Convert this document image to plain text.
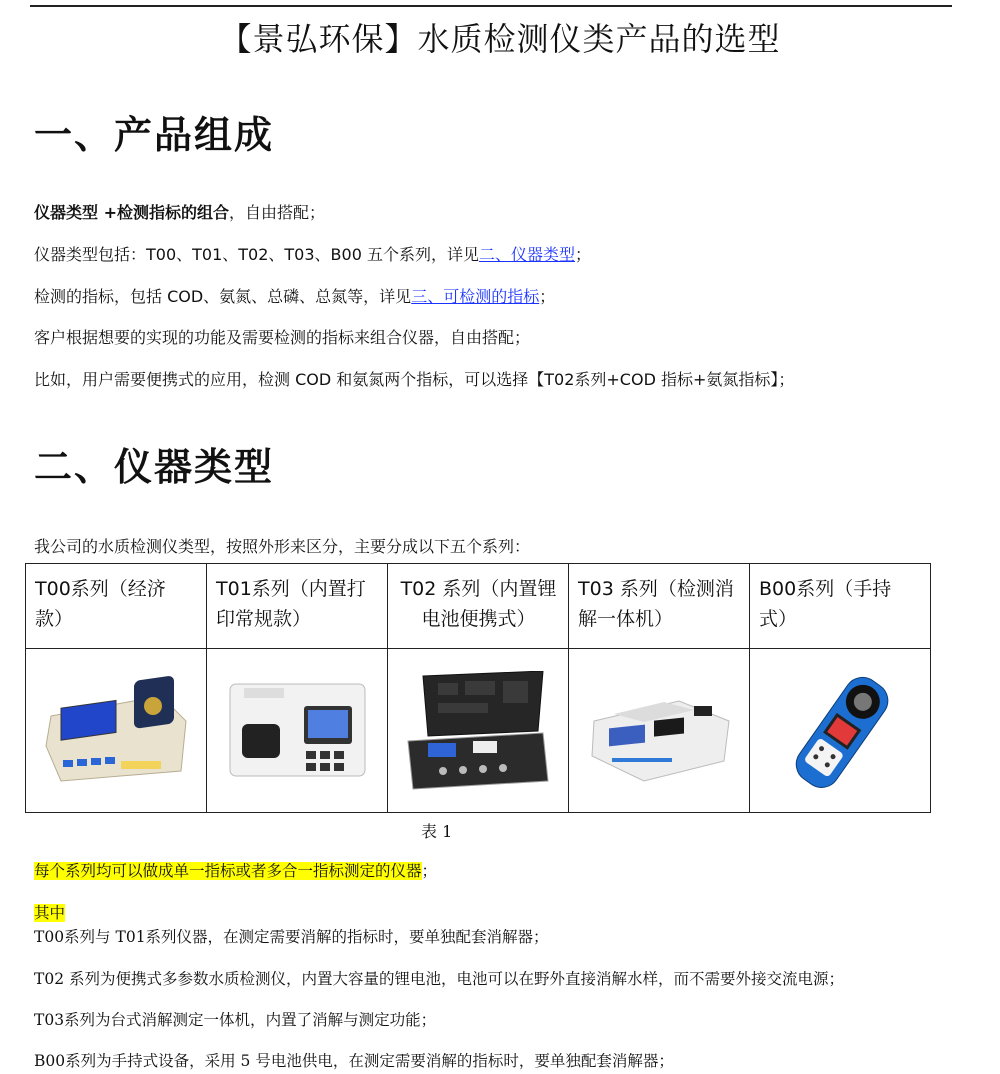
【景弘环保】水质检测仪类产品的选型
一、产品组成
仪器类型 +检测指标的组合，自由搭配；
仪器类型包括：T00、T01、T02、T03、B00 五个系列，详见二、仪器类型；
检测的指标，包括 COD、氨氮、总磷、总氮等，详见三、可检测的指标；
客户根据想要的实现的功能及需要检测的指标来组合仪器，自由搭配；
比如，用户需要便携式的应用，检测 COD 和氨氮两个指标，可以选择【T02系列+COD 指标+氨氮指标】；
二、仪器类型
我公司的水质检测仪类型，按照外形来区分，主要分成以下五个系列：
T00系列（经济
款）	T01系列（内置打
印常规款）	T02 系列（内置锂
电池便携式）	T03 系列（检测消
解一体机）	B00系列（手持
式）

表 1
每个系列均可以做成单一指标或者多合一指标测定的仪器；
其中
T00系列与 T01系列仪器，在测定需要消解的指标时，要单独配套消解器；
T02 系列为便携式多参数水质检测仪，内置大容量的锂电池，电池可以在野外直接消解水样，而不需要外接交流电源；
T03系列为台式消解测定一体机，内置了消解与测定功能；
B00系列为手持式设备，采用 5 号电池供电，在测定需要消解的指标时，要单独配套消解器；
